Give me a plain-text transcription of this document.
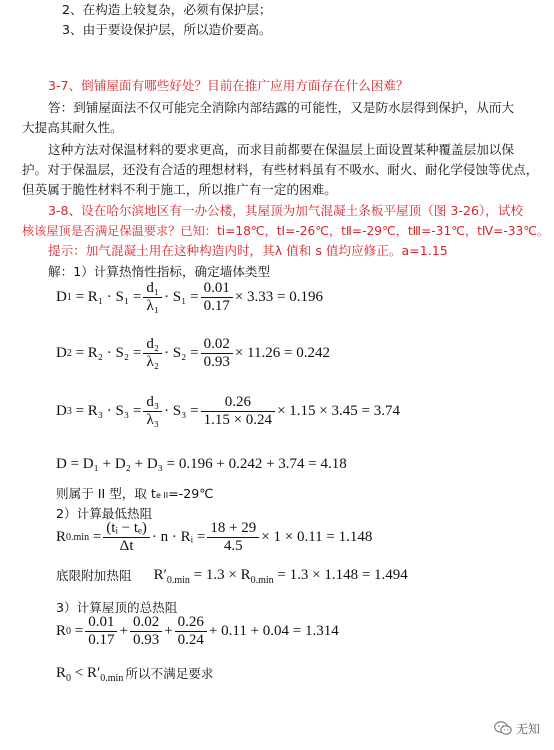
2、在构造上较复杂，必须有保护层；
3、由于要设保护层，所以造价要高。
3-7、倒铺屋面有哪些好处？目前在推广应用方面存在什么困难？
答：到铺屋面法不仅可能完全消除内部结露的可能性，又是防水层得到保护，从而大
大提高其耐久性。
这种方法对保温材料的要求更高，而求目前都要在保温层上面设置某种覆盖层加以保
护。对于保温层，还没有合适的理想材料，有些材料虽有不吸水、耐火、耐化学侵蚀等优点，
但英属于脆性材料不利于施工，所以推广有一定的困难。
3-8、设在哈尔滨地区有一办公楼，其屋顶为加气混凝土条板平屋顶（图 3-26），试校
核该屋顶是否满足保温要求？已知：ti=18℃，tⅠ=-26℃，tⅡ=-29℃，tⅢ=-31℃，tⅣ=-33℃。
提示：加气混凝土用在这种构造内时，其λ 值和 s 值均应修正。a=1.15
解：1）计算热惰性指标，确定墙体类型
D 1
= $R_1 \cdot S_1 = \frac{\text{d₁}}{\text{λ₁}} \cdot S_1 = \frac{0.01}{0.17} \times 3.33 = 0.196$
D 2
= $R_2 \cdot S_2 = \frac{\text{d₂}}{\text{λ₂}} \cdot S_2 = \frac{0.02}{0.93} \times 11.26 = 0.242$
D 3
= $R_3 \cdot S_3 = \frac{\text{d₃}}{\text{λ₃}} \cdot S_3 = \frac{0.26}{1.15 \times 0.24} \times 1.15 \times 3.45 = 3.74$
D = D₁ + D₂ + D₃ = 0.196 + 0.242 + 3.74 = 4.18
则属于 II 型，取 te II=-29℃
2）计算最低热阻
R 0.min
= $\frac{\text{(tᵢ − tₑ)}}{\Delta t} \cdot n$ · Rᵢ = $\frac{18 + 29}{4.5} \times 1 \times 0.11 = 1.148$
底限附加热阻 $R'_{0.min} = 1.3 \times R_{0.min} = 1.3 \times 1.148 = 1.494$
3）计算屋顶的总热阻
R 0
= $\frac{0.01}{0.17} + \frac{0.02}{0.93} + \frac{0.26}{0.24} + 0.11 + 0.04 = 1.314$
$R_0 < R'_{0.min}$ 所以不满足要求
无知
